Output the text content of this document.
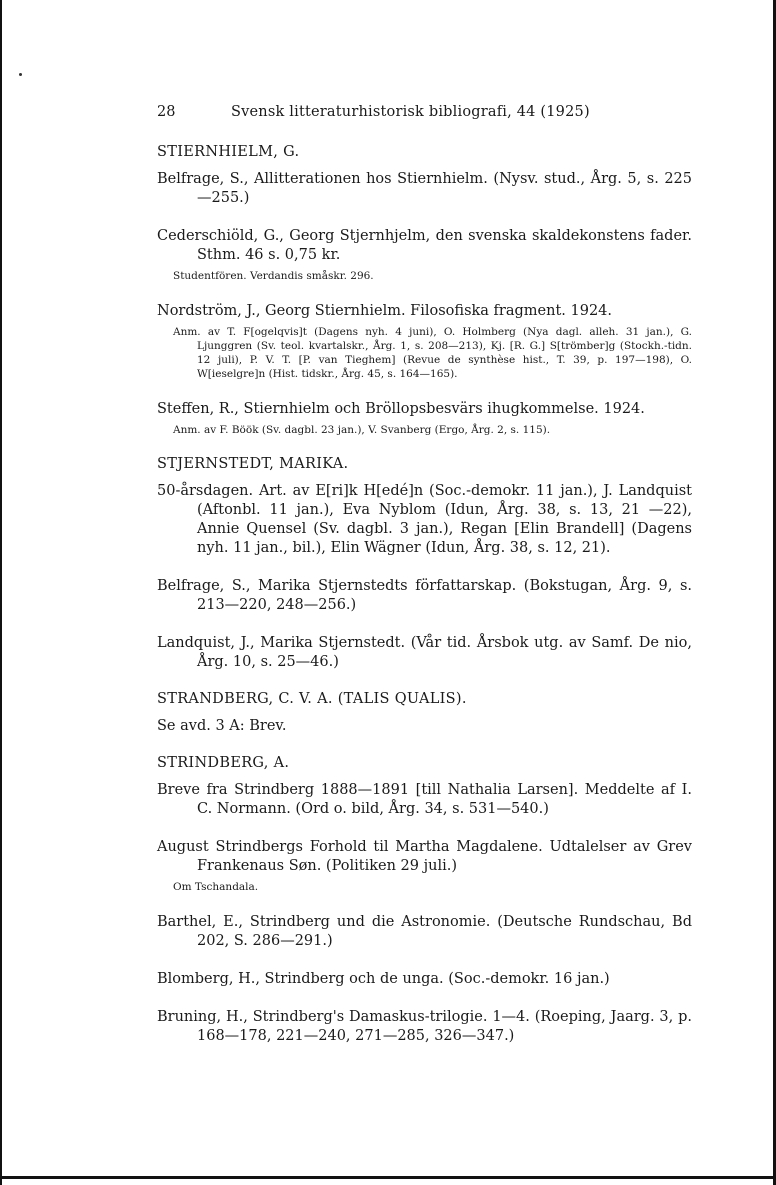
28	Svensk litteraturhistorisk bibliografi, 44 (1925)
STIERNHIELM, G.
Belfrage, S., Allitterationen hos Stiernhielm. (Nysv. stud., Årg. 5, s. 225—255.)
Cederschiöld, G., Georg Stjernhjelm, den svenska skaldekonstens fader. Sthm. 46 s. 0,75 kr.
Studentfören. Verdandis småskr. 296.
Nordström, J., Georg Stiernhielm. Filosofiska fragment. 1924.
Anm. av T. F[ogelqvis]t (Dagens nyh. 4 juni), O. Holmberg (Nya dagl. alleh. 31 jan.), G. Ljunggren (Sv. teol. kvartalskr., Årg. 1, s. 208—213), Kj. [R. G.] S[trömber]g (Stockh.-tidn. 12 juli), P. V. T. [P. van Tieghem] (Revue de synthèse hist., T. 39, p. 197—198), O. W[ieselgre]n (Hist. tidskr., Årg. 45, s. 164—165).
Steffen, R., Stiernhielm och Bröllopsbesvärs ihugkommelse. 1924.
Anm. av F. Böök (Sv. dagbl. 23 jan.), V. Svanberg (Ergo, Årg. 2, s. 115).
STJERNSTEDT, MARIKA.
50-årsdagen. Art. av E[ri]k H[edé]n (Soc.-demokr. 11 jan.), J. Landquist (Aftonbl. 11 jan.), Eva Nyblom (Idun, Årg. 38, s. 13, 21 —22), Annie Quensel (Sv. dagbl. 3 jan.), Regan [Elin Brandell] (Dagens nyh. 11 jan., bil.), Elin Wägner (Idun, Årg. 38, s. 12, 21).
Belfrage, S., Marika Stjernstedts författarskap. (Bokstugan, Årg. 9, s. 213—220, 248—256.)
Landquist, J., Marika Stjernstedt. (Vår tid. Årsbok utg. av Samf. De nio, Årg. 10, s. 25—46.)
STRANDBERG, C. V. A. (TALIS QUALIS).
Se avd. 3 A: Brev.
STRINDBERG, A.
Breve fra Strindberg 1888—1891 [till Nathalia Larsen]. Meddelte af I. C. Normann. (Ord o. bild, Årg. 34, s. 531—540.)
August Strindbergs Forhold til Martha Magdalene. Udtalelser av Grev Frankenaus Søn. (Politiken 29 juli.)
Om Tschandala.
Barthel, E., Strindberg und die Astronomie. (Deutsche Rundschau, Bd 202, S. 286—291.)
Blomberg, H., Strindberg och de unga. (Soc.-demokr. 16 jan.)
Bruning, H., Strindberg's Damaskus-trilogie. 1—4. (Roeping, Jaarg. 3, p. 168—178, 221—240, 271—285, 326—347.)
